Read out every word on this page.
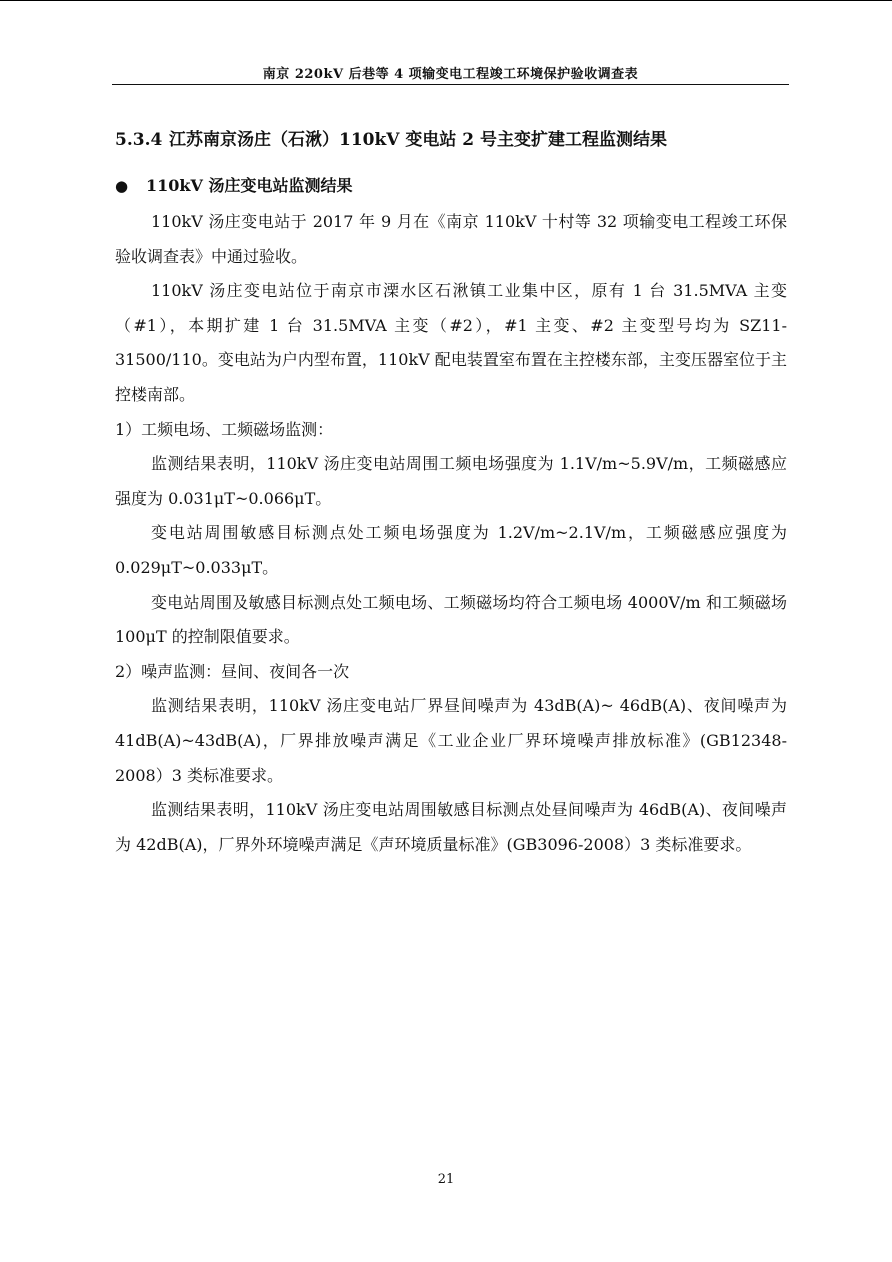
南京 220kV 后巷等 4 项输变电工程竣工环境保护验收调查表
5.3.4 江苏南京汤庄（石湫）110kV 变电站 2 号主变扩建工程监测结果
● 110kV 汤庄变电站监测结果

110kV 汤庄变电站于 2017 年 9 月在《南京 110kV 十村等 32 项输变电工程竣工环保验收调查表》中通过验收。

110kV 汤庄变电站位于南京市溧水区石湫镇工业集中区，原有 1 台 31.5MVA 主变（#1），本期扩建 1 台 31.5MVA 主变（#2），#1 主变、#2 主变型号均为 SZ11-31500/110。变电站为户内型布置，110kV 配电装置室布置在主控楼东部，主变压器室位于主控楼南部。

1）工频电场、工频磁场监测：

监测结果表明，110kV 汤庄变电站周围工频电场强度为 1.1V/m~5.9V/m，工频磁感应强度为 0.031μT~0.066μT。

变电站周围敏感目标测点处工频电场强度为 1.2V/m~2.1V/m，工频磁感应强度为 0.029μT~0.033μT。

变电站周围及敏感目标测点处工频电场、工频磁场均符合工频电场 4000V/m 和工频磁场 100μT 的控制限值要求。

2）噪声监测：昼间、夜间各一次

监测结果表明，110kV 汤庄变电站厂界昼间噪声为 43dB(A)~ 46dB(A)、夜间噪声为 41dB(A)~43dB(A)，厂界排放噪声满足《工业企业厂界环境噪声排放标准》(GB12348-2008）3 类标准要求。

监测结果表明，110kV 汤庄变电站周围敏感目标测点处昼间噪声为 46dB(A)、夜间噪声为 42dB(A)，厂界外环境噪声满足《声环境质量标准》(GB3096-2008）3 类标准要求。

21
